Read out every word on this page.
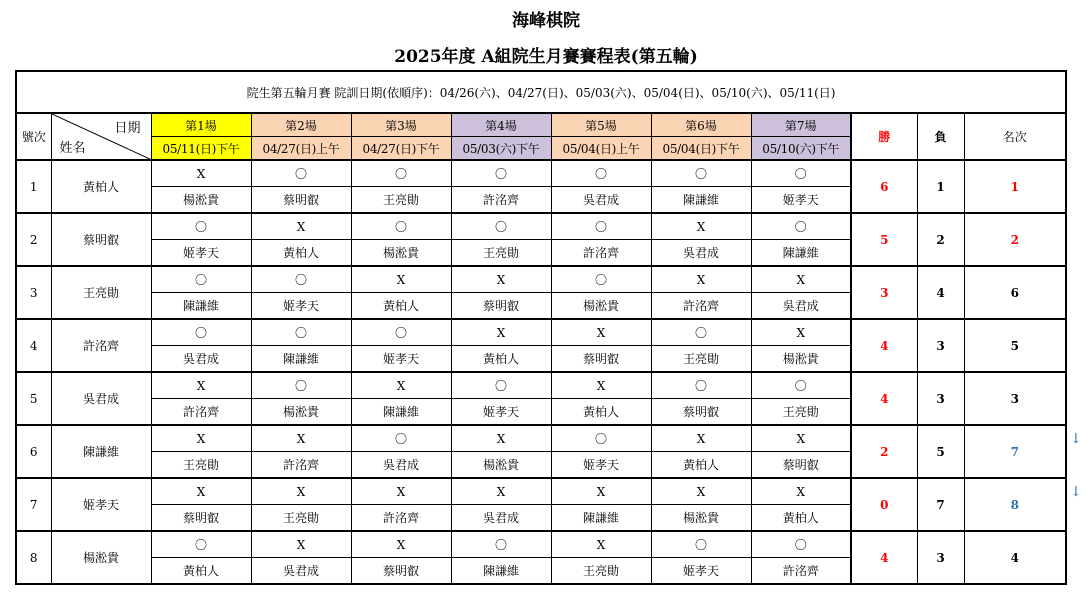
海峰棋院
2025年度 A組院生月賽賽程表(第五輪)
院生第五輪月賽 院訓日期(依順序)：04/26(六)、04/27(日)、05/03(六)、05/04(日)、05/10(六)、05/11(日)											
號次	日期
姓名	第1場	第2場	第3場	第4場	第5場	第6場	第7場	勝	負	名次
		05/11(日)下午	04/27(日)上午	04/27(日)下午	05/03(六)下午	05/04(日)上午	05/04(日)下午	05/10(六)下午			
1	黃柏人	X	〇	〇	〇	〇	〇	〇	6	1	1
		楊淞貴	蔡明叡	王亮勛	許洺齊	吳君成	陳謙維	姬孝天			
2	蔡明叡	〇	X	〇	〇	〇	X	〇	5	2	2
		姬孝天	黃柏人	楊淞貴	王亮勛	許洺齊	吳君成	陳謙維			
3	王亮勛	〇	〇	X	X	〇	X	X	3	4	6
		陳謙維	姬孝天	黃柏人	蔡明叡	楊淞貴	許洺齊	吳君成			
4	許洺齊	〇	〇	〇	X	X	〇	X	4	3	5
		吳君成	陳謙維	姬孝天	黃柏人	蔡明叡	王亮勛	楊淞貴			
5	吳君成	X	〇	X	〇	X	〇	〇	4	3	3
		許洺齊	楊淞貴	陳謙維	姬孝天	黃柏人	蔡明叡	王亮勛			
6	陳謙維	X	X	〇	X	〇	X	X	2	5	7
		王亮勛	許洺齊	吳君成	楊淞貴	姬孝天	黃柏人	蔡明叡			
7	姬孝天	X	X	X	X	X	X	X	0	7	8
		蔡明叡	王亮勛	許洺齊	吳君成	陳謙維	楊淞貴	黃柏人			
8	楊淞貴	〇	X	X	〇	X	〇	〇	4	3	4
		黃柏人	吳君成	蔡明叡	陳謙維	王亮勛	姬孝天	許洺齊			
↓
↓
